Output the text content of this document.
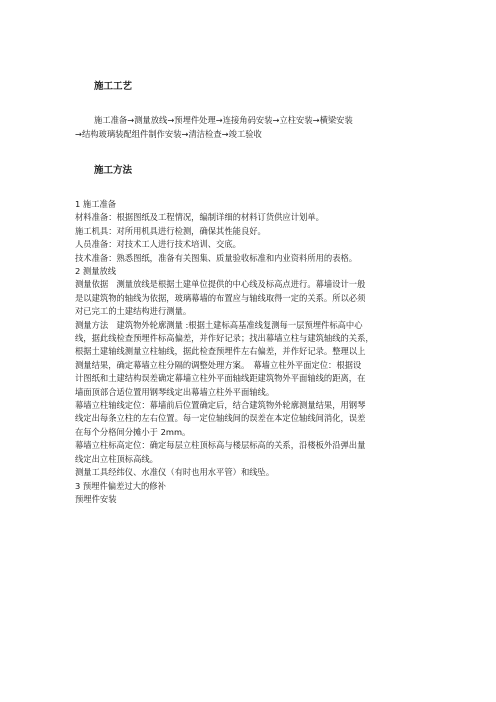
施工工艺
施工准备→测量放线→预埋件处理→连接角码安装→立柱安装→横梁安装
→结构玻璃装配组件制作安装→清洁检查→竣工验收
施工方法
1 施工准备
材料准备：根据图纸及工程情况，编制详细的材料订货供应计划单。
施工机具：对所用机具进行检测，确保其性能良好。
人员准备：对技术工人进行技术培训、交底。
技术准备：熟悉图纸，准备有关图集、质量验收标准和内业资料所用的表格。
2 测量放线
测量依据　测量放线是根据土建单位提供的中心线及标高点进行。幕墙设计一般
是以建筑物的轴线为依据，玻璃幕墙的布置应与轴线取得一定的关系。所以必须
对已完工的土建结构进行测量。
测量方法　建筑物外轮廓测量 :根据土建标高基准线复测每一层预埋件标高中心
线，据此线检查预埋件标高偏差，并作好记录；找出幕墙立柱与建筑轴线的关系，
根据土建轴线测量立柱轴线，据此检查预埋件左右偏差，并作好记录。整理以上
测量结果，确定幕墙立柱分隔的调整处理方案。　幕墙立柱外平面定位：根据设
计图纸和土建结构误差确定幕墙立柱外平面轴线距建筑物外平面轴线的距离，在
墙面顶部合适位置用钢琴线定出幕墙立柱外平面轴线。
幕墙立柱轴线定位：幕墙前后位置确定后，结合建筑物外轮廓测量结果，用钢琴
线定出每条立柱的左右位置。每一定位轴线间的误差在本定位轴线间消化，误差
在每个分格间分摊小于 2mm。
幕墙立柱标高定位：确定每层立柱顶标高与楼层标高的关系，沿楼板外沿弹出量
线定出立柱顶标高线。
测量工具经纬仪、水准仪（有时也用水平管）和线坠。
3 预埋件偏差过大的修补
预埋件安装
